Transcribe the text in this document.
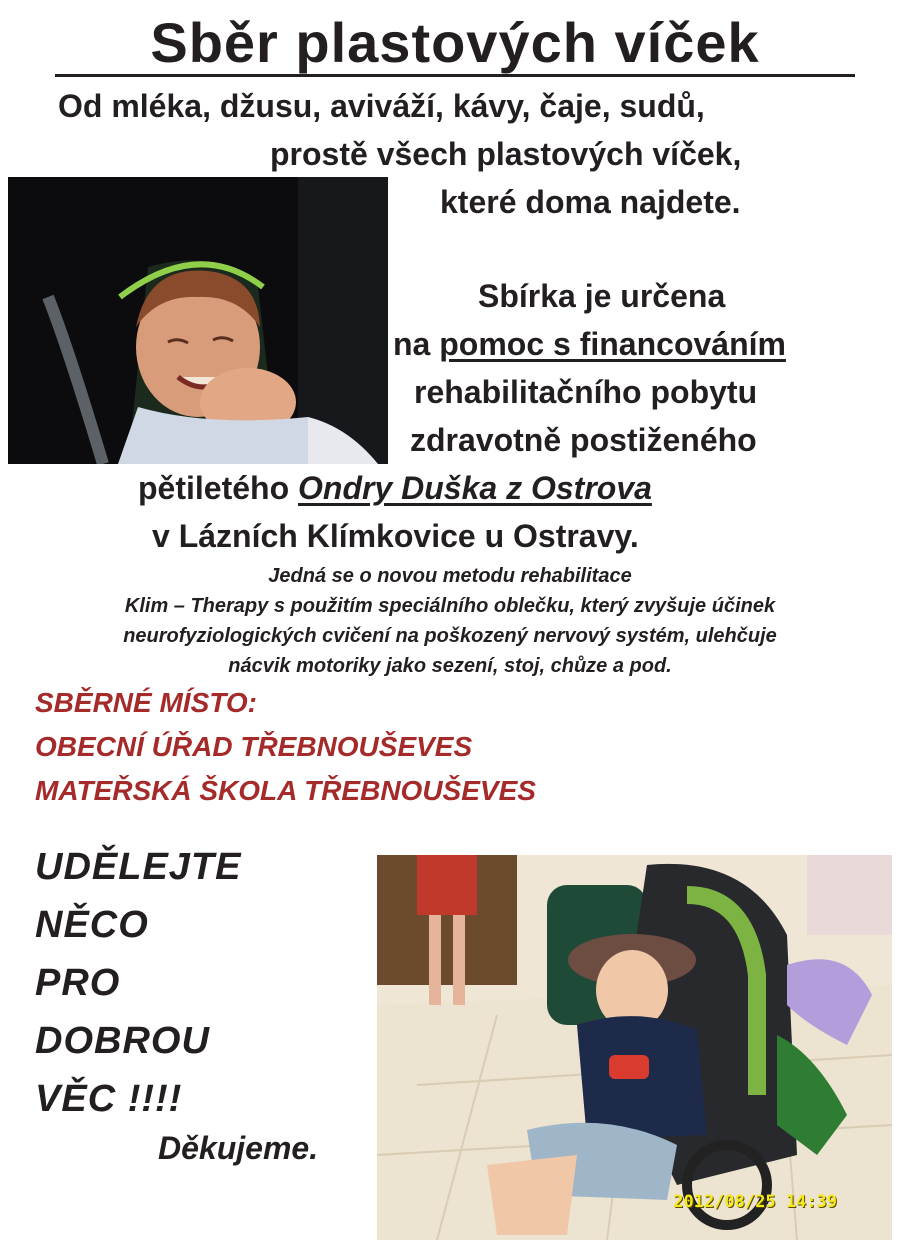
Sběr plastových víček
Od mléka, džusu, aviváží, kávy, čaje, sudů,
prostě všech plastových víček,
které doma najdete.
Sbírka je určena
na pomoc s financováním
rehabilitačního pobytu
zdravotně postiženého
pětiletého Ondry Duška z Ostrova
v Lázních Klímkovice u Ostravy.
Jedná se o novou metodu rehabilitace
Klim – Therapy s použitím speciálního oblečku, který zvyšuje účinek
neurofyziologických cvičení na poškozený nervový systém, ulehčuje
nácvik motoriky jako sezení, stoj, chůze a pod.
SBĚRNÉ MÍSTO:
OBECNÍ ÚŘAD TŘEBNOUŠEVES
MATEŘSKÁ ŠKOLA TŘEBNOUŠEVES
UDĚLEJTE
NĚCO
PRO
DOBROU
VĚC !!!!
Děkujeme.
2012/08/25 14:39
